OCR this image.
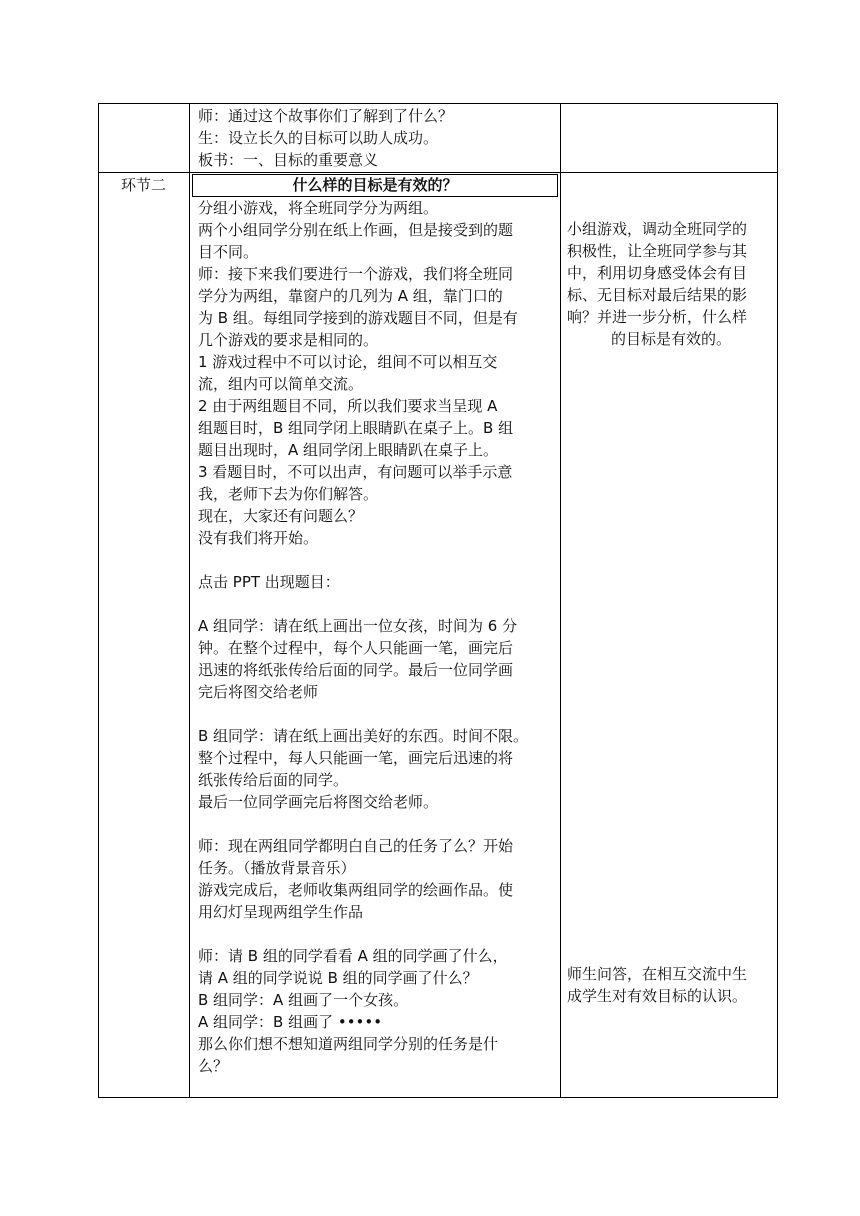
师：通过这个故事你们了解到了什么？
生：设立长久的目标可以助人成功。
板书：一、目标的重要意义
环节二	什么样的目标是有效的？
分组小游戏，将全班同学分为两组。
两个小组同学分别在纸上作画，但是接受到的题
目不同。
师：接下来我们要进行一个游戏，我们将全班同
学分为两组，靠窗户的几列为 A 组，靠门口的
为 B 组。每组同学接到的游戏题目不同，但是有
几个游戏的要求是相同的。
1 游戏过程中不可以讨论，组间不可以相互交
流，组内可以简单交流。
2 由于两组题目不同，所以我们要求当呈现 A
组题目时，B 组同学闭上眼睛趴在桌子上。B 组
题目出现时，A 组同学闭上眼睛趴在桌子上。
3 看题目时，不可以出声，有问题可以举手示意
我，老师下去为你们解答。
现在，大家还有问题么？
没有我们将开始。
点击 PPT 出现题目：
A 组同学：请在纸上画出一位女孩，时间为 6 分
钟。在整个过程中，每个人只能画一笔，画完后
迅速的将纸张传给后面的同学。最后一位同学画
完后将图交给老师
B 组同学：请在纸上画出美好的东西。时间不限。
整个过程中，每人只能画一笔，画完后迅速的将
纸张传给后面的同学。
最后一位同学画完后将图交给老师。
师：现在两组同学都明白自己的任务了么？开始
任务。（播放背景音乐）
游戏完成后，老师收集两组同学的绘画作品。使
用幻灯呈现两组学生作品
师：请 B 组的同学看看 A 组的同学画了什么，
请 A 组的同学说说 B 组的同学画了什么？
B 组同学：A 组画了一个女孩。
A 组同学：B 组画了 •••••
那么你们想不想知道两组同学分别的任务是什
么？
小组游戏，调动全班同学的
积极性，让全班同学参与其
中，利用切身感受体会有目
标、无目标对最后结果的影
响？并进一步分析，什么样
的目标是有效的。
师生问答，在相互交流中生
成学生对有效目标的认识。
